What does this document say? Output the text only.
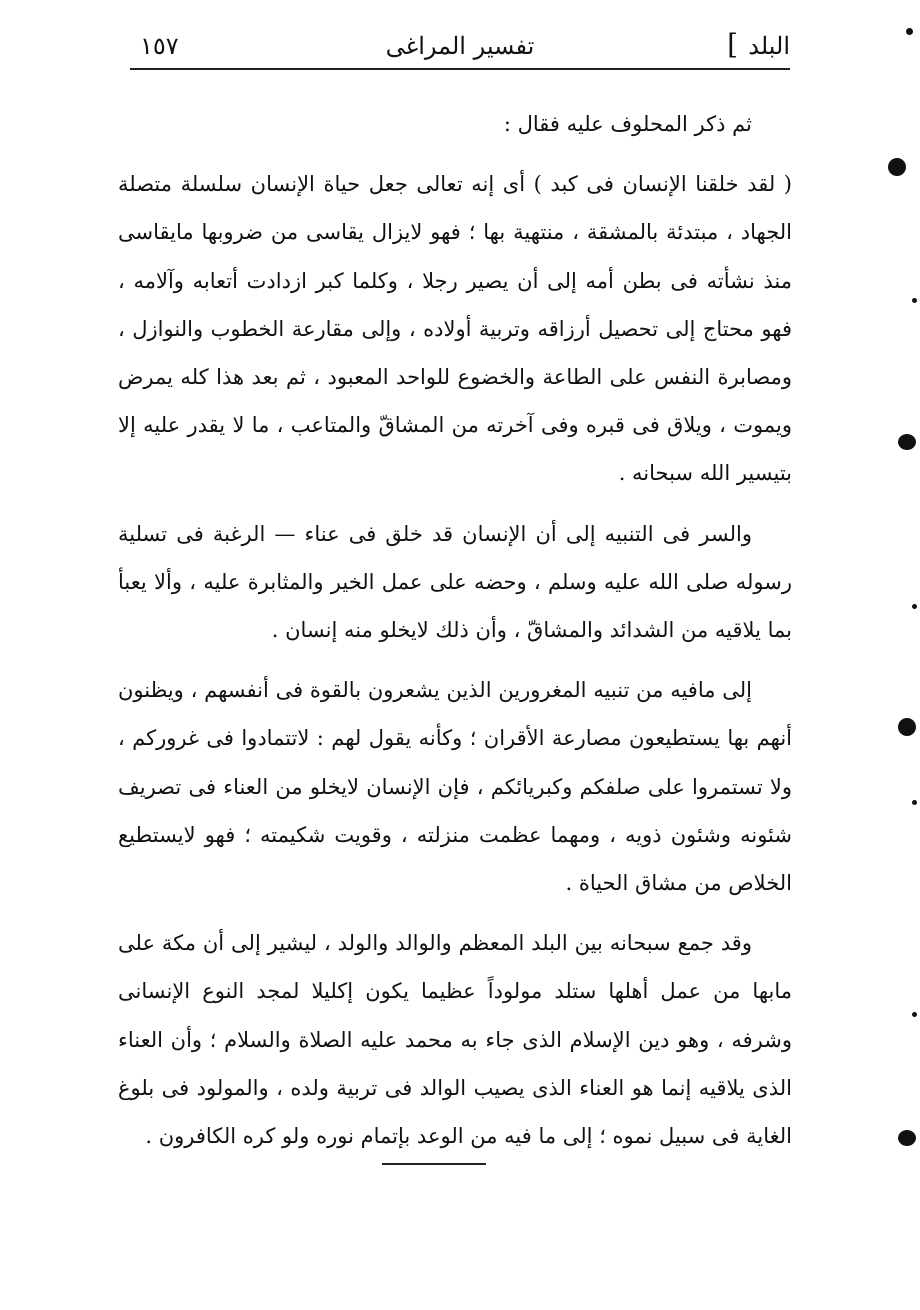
البلد
]
تفسير المراغى
١٥٧

ثم ذكر المحلوف عليه فقال :

( لقد خلقنا الإنسان فى كبد ) أى إنه تعالى جعل حياة الإنسان سلسلة متصلة الجهاد ، مبتدئة بالمشقة ، منتهية بها ؛ فهو لايزال يقاسى من ضروبها مايقاسى منذ نشأته فى بطن أمه إلى أن يصير رجلا ، وكلما كبر ازدادت أتعابه وآلامه ، فهو محتاج إلى تحصيل أرزاقه وتربية أولاده ، وإلى مقارعة الخطوب والنوازل ، ومصابرة النفس على الطاعة والخضوع للواحد المعبود ، ثم بعد هذا كله يمرض ويموت ، ويلاق فى قبره وفى آخرته من المشاقّ والمتاعب ، ما لا يقدر عليه إلا بتيسير الله سبحانه .

والسر فى التنبيه إلى أن الإنسان قد خلق فى عناء — الرغبة فى تسلية رسوله صلى الله عليه وسلم ، وحضه على عمل الخير والمثابرة عليه ، وألا يعبأ بما يلاقيه من الشدائد والمشاقّ ، وأن ذلك لايخلو منه إنسان .

إلى مافيه من تنبيه المغرورين الذين يشعرون بالقوة فى أنفسهم ، ويظنون أنهم بها يستطيعون مصارعة الأقران ؛ وكأنه يقول لهم : لاتتمادوا فى غروركم ، ولا تستمروا على صلفكم وكبريائكم ، فإن الإنسان لايخلو من العناء فى تصريف شئونه وشئون ذويه ، ومهما عظمت منزلته ، وقويت شكيمته ؛ فهو لايستطيع الخلاص من مشاق الحياة .

وقد جمع سبحانه بين البلد المعظم والوالد والولد ، ليشير إلى أن مكة على مابها من عمل أهلها ستلد مولوداً عظيما يكون إكليلا لمجد النوع الإنسانى وشرفه ، وهو دين الإسلام الذى جاء به محمد عليه الصلاة والسلام ؛ وأن العناء الذى يلاقيه إنما هو العناء الذى يصيب الوالد فى تربية ولده ، والمولود فى بلوغ الغاية فى سبيل نموه ؛ إلى ما فيه من الوعد بإتمام نوره ولو كره الكافرون .
